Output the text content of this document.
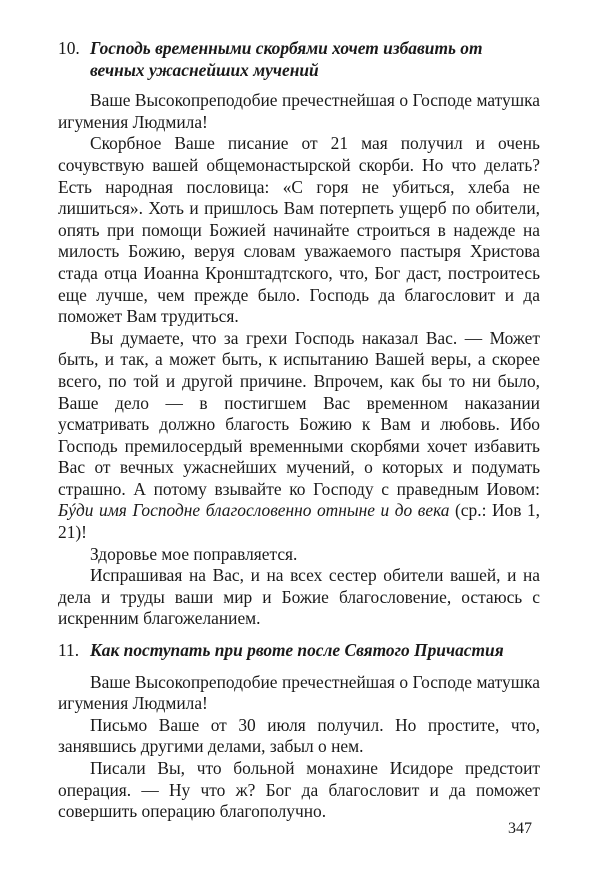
10. Господь временными скорбями хочет избавить от вечных ужаснейших мучений

Ваше Высокопреподобие пречестнейшая о Господе матушка игумения Людмила!

Скорбное Ваше писание от 21 мая получил и очень сочувствую вашей общемонастырской скорби. Но что делать? Есть народная пословица: «С горя не убиться, хлеба не лишиться». Хоть и пришлось Вам потерпеть ущерб по обители, опять при помощи Божией начинайте строиться в надежде на милость Божию, веруя словам уважаемого пастыря Христова стада отца Иоанна Кронштадтского, что, Бог даст, построитесь еще лучше, чем прежде было. Господь да благословит и да поможет Вам трудиться.

Вы думаете, что за грехи Господь наказал Вас. — Может быть, и так, а может быть, к испытанию Вашей веры, а скорее всего, по той и другой причине. Впрочем, как бы то ни было, Ваше дело — в постигшем Вас временном наказании усматривать должно благость Божию к Вам и любовь. Ибо Господь премилосердый временными скорбями хочет избавить Вас от вечных ужаснейших мучений, о которых и подумать страшно. А потому взывайте ко Господу с праведным Иовом: Бýди имя Господне благословенно отныне и до века (ср.: Иов 1, 21)!

Здоровье мое поправляется.

Испрашивая на Вас, и на всех сестер обители вашей, и на дела и труды ваши мир и Божие благословение, остаюсь с искренним благожеланием.

11. Как поступать при рвоте после Святого Причастия

Ваше Высокопреподобие пречестнейшая о Господе матушка игумения Людмила!

Письмо Ваше от 30 июля получил. Но простите, что, занявшись другими делами, забыл о нем.

Писали Вы, что больной монахине Исидоре предстоит операция. — Ну что ж? Бог да благословит и да поможет совершить операцию благополучно.

347
